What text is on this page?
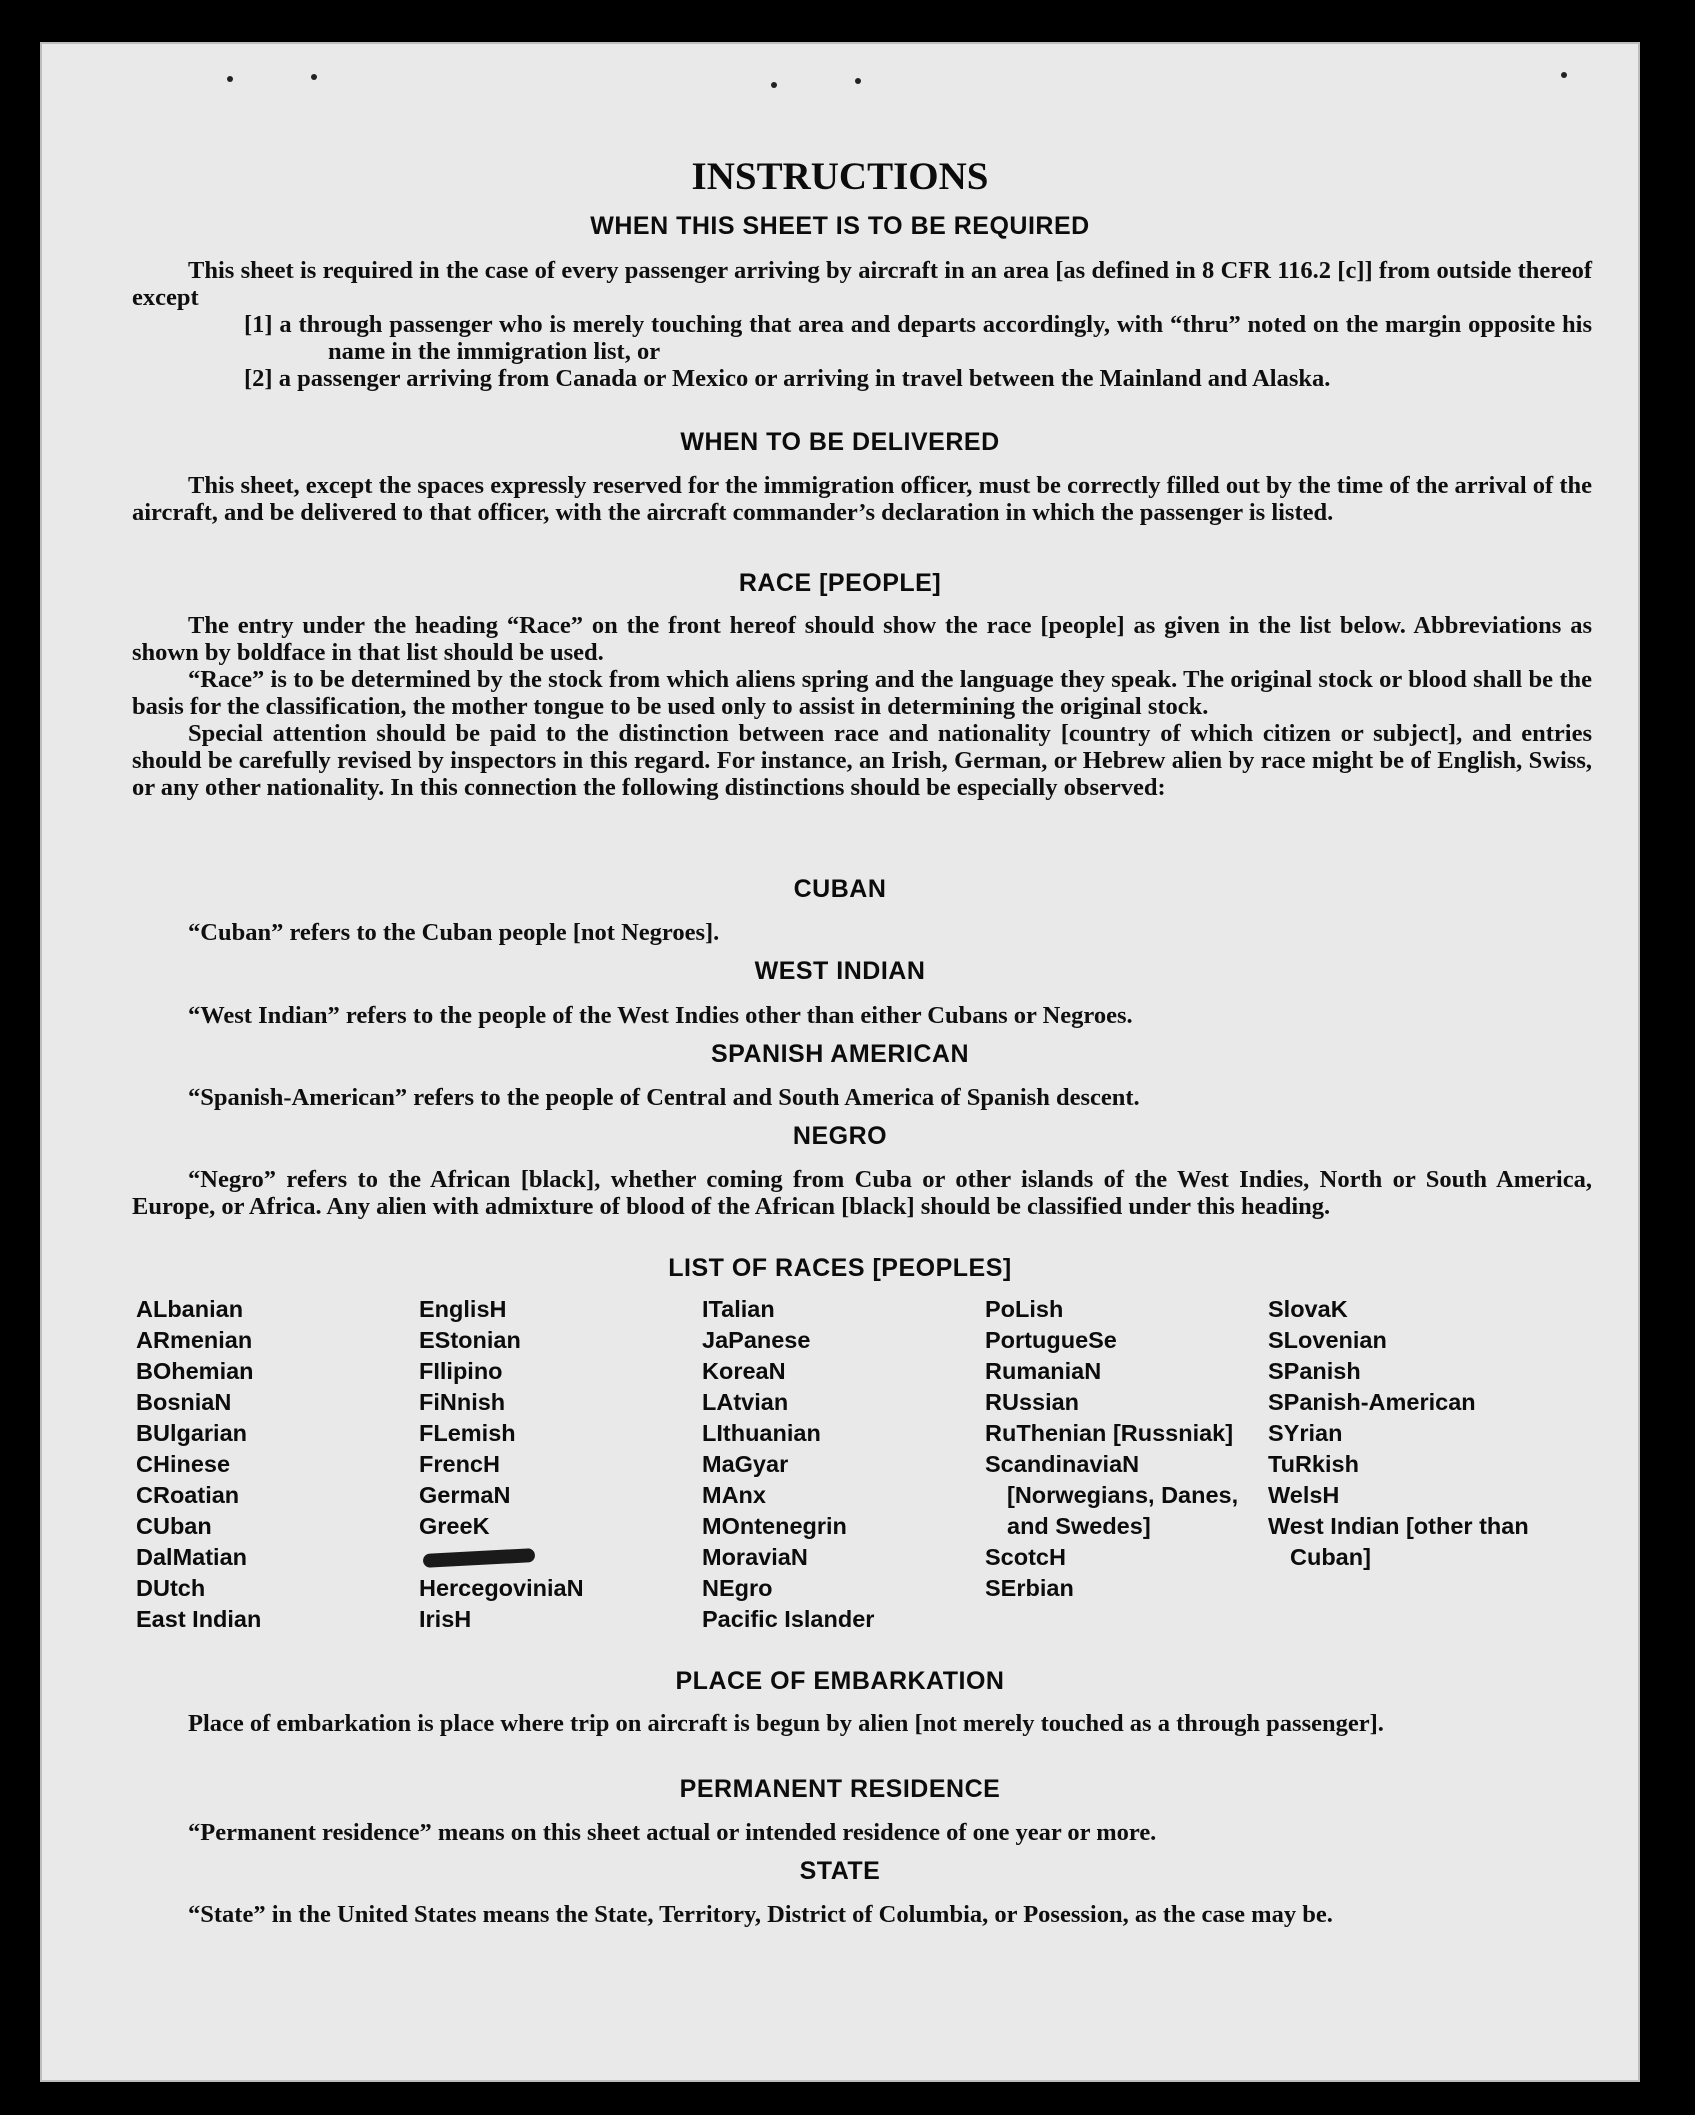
INSTRUCTIONS
WHEN THIS SHEET IS TO BE REQUIRED

This sheet is required in the case of every passenger arriving by aircraft in an area [as defined in 8 CFR 116.2 [c]] from outside thereof except

[1] a through passenger who is merely touching that area and departs accordingly, with “thru” noted on the margin opposite his name in the immigration list, or

[2] a passenger arriving from Canada or Mexico or arriving in travel between the Mainland and Alaska.

WHEN TO BE DELIVERED

This sheet, except the spaces expressly reserved for the immigration officer, must be correctly filled out by the time of the arrival of the aircraft, and be delivered to that officer, with the aircraft commander’s declaration in which the passenger is listed.

RACE [PEOPLE]

The entry under the heading “Race” on the front hereof should show the race [people] as given in the list below. Abbreviations as shown by boldface in that list should be used.

“Race” is to be determined by the stock from which aliens spring and the language they speak. The original stock or blood shall be the basis for the classification, the mother tongue to be used only to assist in determining the original stock.

Special attention should be paid to the distinction between race and nationality [country of which citizen or subject], and entries should be carefully revised by inspectors in this regard. For instance, an Irish, German, or Hebrew alien by race might be of English, Swiss, or any other nationality. In this connection the following distinctions should be especially observed:

CUBAN

“Cuban” refers to the Cuban people [not Negroes].

WEST INDIAN

“West Indian” refers to the people of the West Indies other than either Cubans or Negroes.

SPANISH AMERICAN

“Spanish-American” refers to the people of Central and South America of Spanish descent.

NEGRO

“Negro” refers to the African [black], whether coming from Cuba or other islands of the West Indies, North or South America, Europe, or Africa. Any alien with admixture of blood of the African [black] should be classified under this heading.

LIST OF RACES [PEOPLES]

ALbanian

ARmenian

BOhemian

BosniaN

BUlgarian

CHinese

CRoatian

CUban

DalMatian

DUtch

East Indian

EnglisH

EStonian

FIlipino

FiNnish

FLemish

FrencH

GermaN

GreeK

HercegoviniaN

IrisH

ITalian

JaPanese

KoreaN

LAtvian

LIthuanian

MaGyar

MAnx

MOntenegrin

MoraviaN

NEgro

Pacific Islander

PoLish

PortugueSe

RumaniaN

RUssian

RuThenian [Russniak]

ScandinaviaN [Norwegians, Danes, and Swedes]

ScotcH

SErbian

SlovaK

SLovenian

SPanish

SPanish-American

SYrian

TuRkish

WelsH

West Indian [other than Cuban]

PLACE OF EMBARKATION

Place of embarkation is place where trip on aircraft is begun by alien [not merely touched as a through passenger].

PERMANENT RESIDENCE

“Permanent residence” means on this sheet actual or intended residence of one year or more.

STATE

“State” in the United States means the State, Territory, District of Columbia, or Posession, as the case may be.
